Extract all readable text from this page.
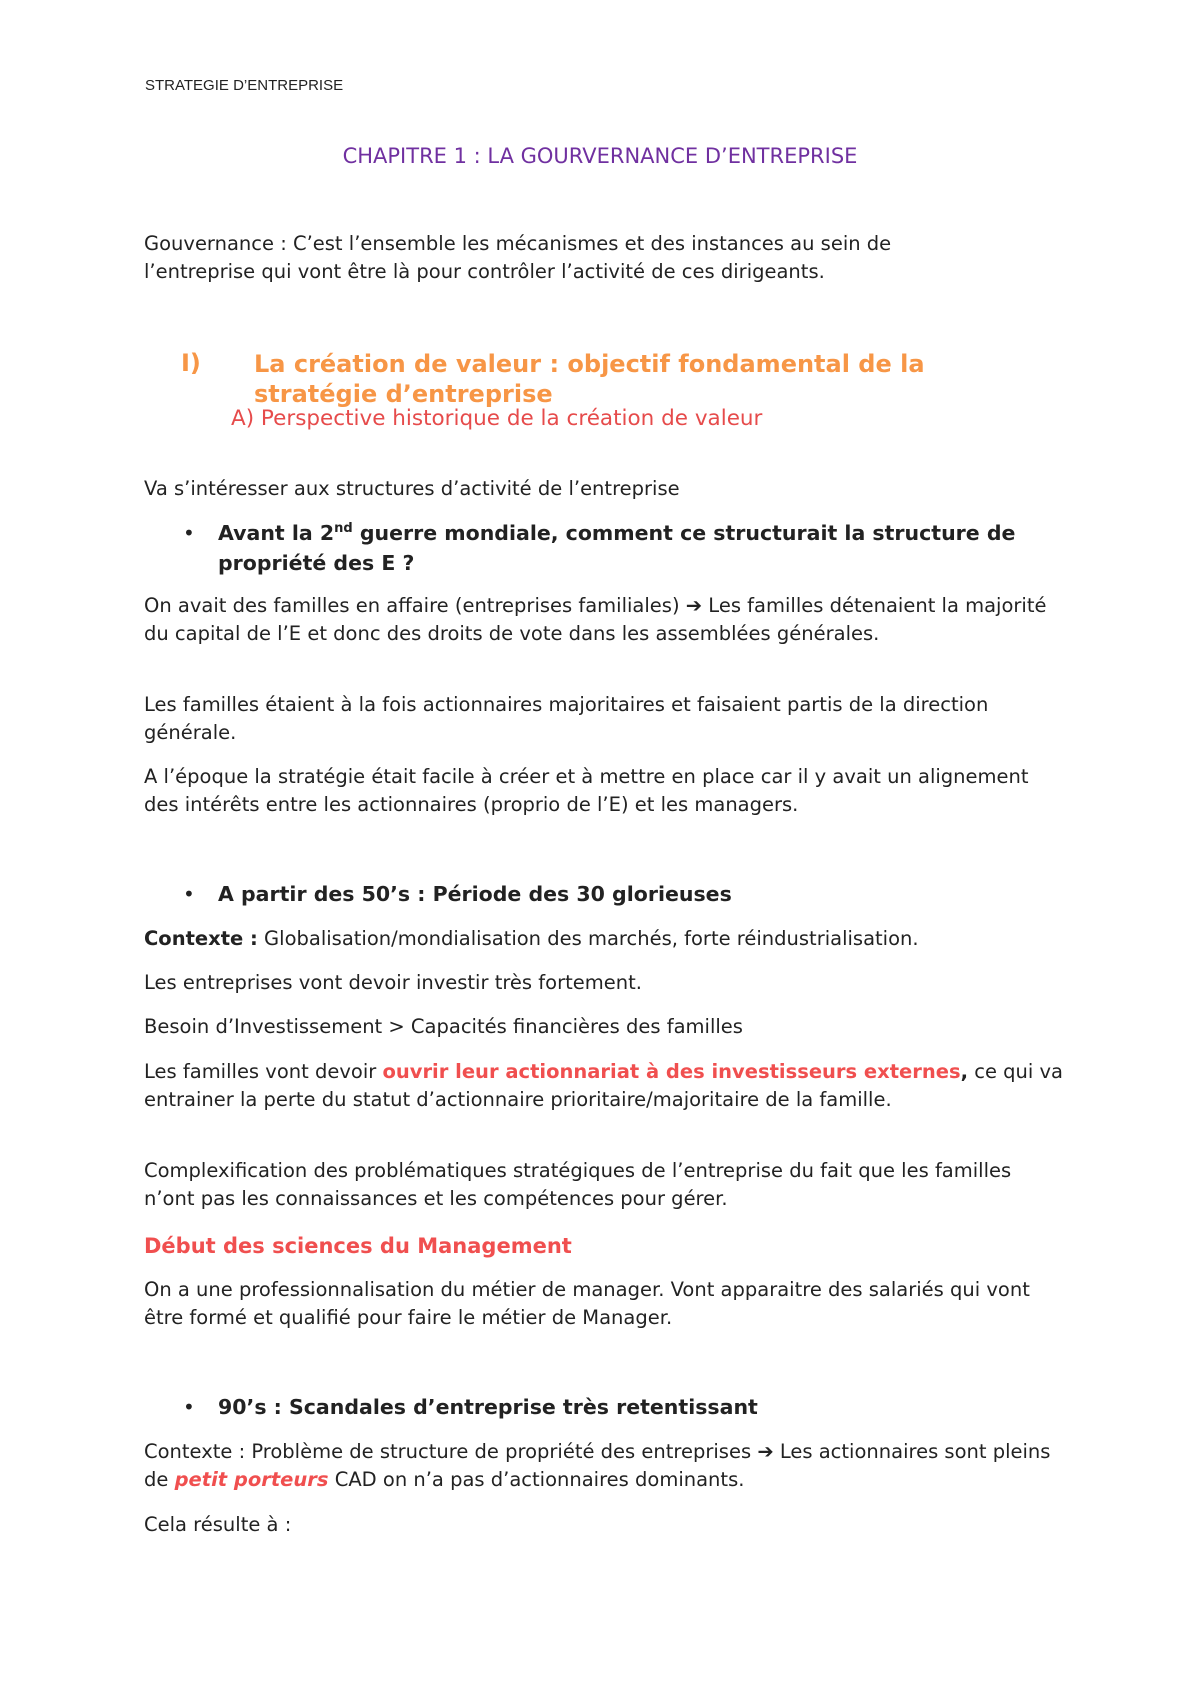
STRATEGIE D’ENTREPRISE
CHAPITRE 1 : LA GOURVERNANCE D’ENTREPRISE
Gouvernance : C’est l’ensemble les mécanismes et des instances au sein de
l’entreprise qui vont être là pour contrôler l’activité de ces dirigeants.
I) La création de valeur : objectif fondamental de la stratégie d’entreprise
A) Perspective historique de la création de valeur
Va s’intéresser aux structures d’activité de l’entreprise
• Avant la 2nd guerre mondiale, comment ce structurait la structure de propriété des E ?
On avait des familles en affaire (entreprises familiales) ➔ Les familles détenaient la majorité du capital de l’E et donc des droits de vote dans les assemblées générales.
Les familles étaient à la fois actionnaires majoritaires et faisaient partis de la direction générale.
A l’époque la stratégie était facile à créer et à mettre en place car il y avait un alignement des intérêts entre les actionnaires (proprio de l’E) et les managers.
• A partir des 50’s : Période des 30 glorieuses
Contexte : Globalisation/mondialisation des marchés, forte réindustrialisation.
Les entreprises vont devoir investir très fortement.
Besoin d’Investissement > Capacités financières des familles
Les familles vont devoir ouvrir leur actionnariat à des investisseurs externes, ce qui va entrainer la perte du statut d’actionnaire prioritaire/majoritaire de la famille.
Complexification des problématiques stratégiques de l’entreprise du fait que les familles n’ont pas les connaissances et les compétences pour gérer.
Début des sciences du Management
On a une professionnalisation du métier de manager. Vont apparaitre des salariés qui vont être formé et qualifié pour faire le métier de Manager.
• 90’s : Scandales d’entreprise très retentissant
Contexte : Problème de structure de propriété des entreprises ➔ Les actionnaires sont pleins de petit porteurs CAD on n’a pas d’actionnaires dominants.
Cela résulte à :
